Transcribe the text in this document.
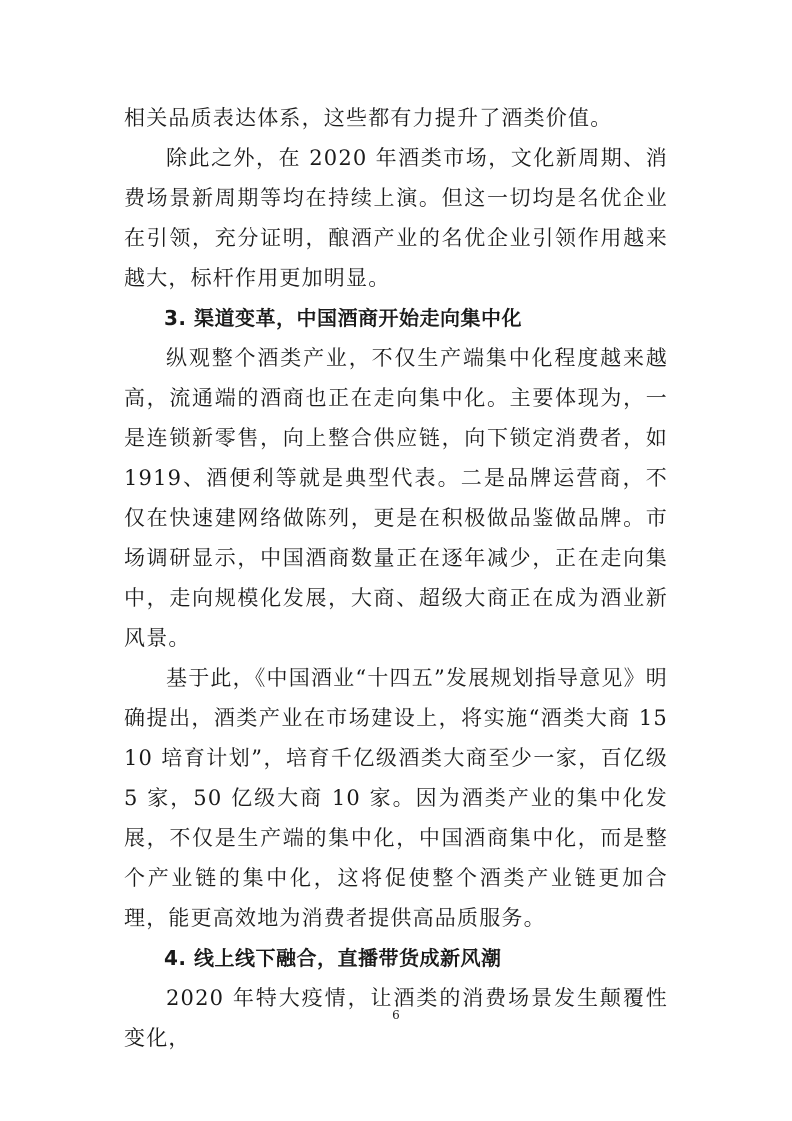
相关品质表达体系，这些都有力提升了酒类价值。

除此之外，在 2020 年酒类市场，文化新周期、消费场景新周期等均在持续上演。但这一切均是名优企业在引领，充分证明，酿酒产业的名优企业引领作用越来越大，标杆作用更加明显。

3. 渠道变革，中国酒商开始走向集中化

纵观整个酒类产业，不仅生产端集中化程度越来越高，流通端的酒商也正在走向集中化。主要体现为，一是连锁新零售，向上整合供应链，向下锁定消费者，如 1919、酒便利等就是典型代表。二是品牌运营商，不仅在快速建网络做陈列，更是在积极做品鉴做品牌。市场调研显示，中国酒商数量正在逐年减少，正在走向集中，走向规模化发展，大商、超级大商正在成为酒业新风景。

基于此，《中国酒业“十四五”发展规划指导意见》明确提出，酒类产业在市场建设上，将实施“酒类大商 1510 培育计划”，培育千亿级酒类大商至少一家，百亿级 5 家，50 亿级大商 10 家。因为酒类产业的集中化发展，不仅是生产端的集中化，中国酒商集中化，而是整个产业链的集中化，这将促使整个酒类产业链更加合理，能更高效地为消费者提供高品质服务。

4. 线上线下融合，直播带货成新风潮

2020 年特大疫情，让酒类的消费场景发生颠覆性变化，

6
